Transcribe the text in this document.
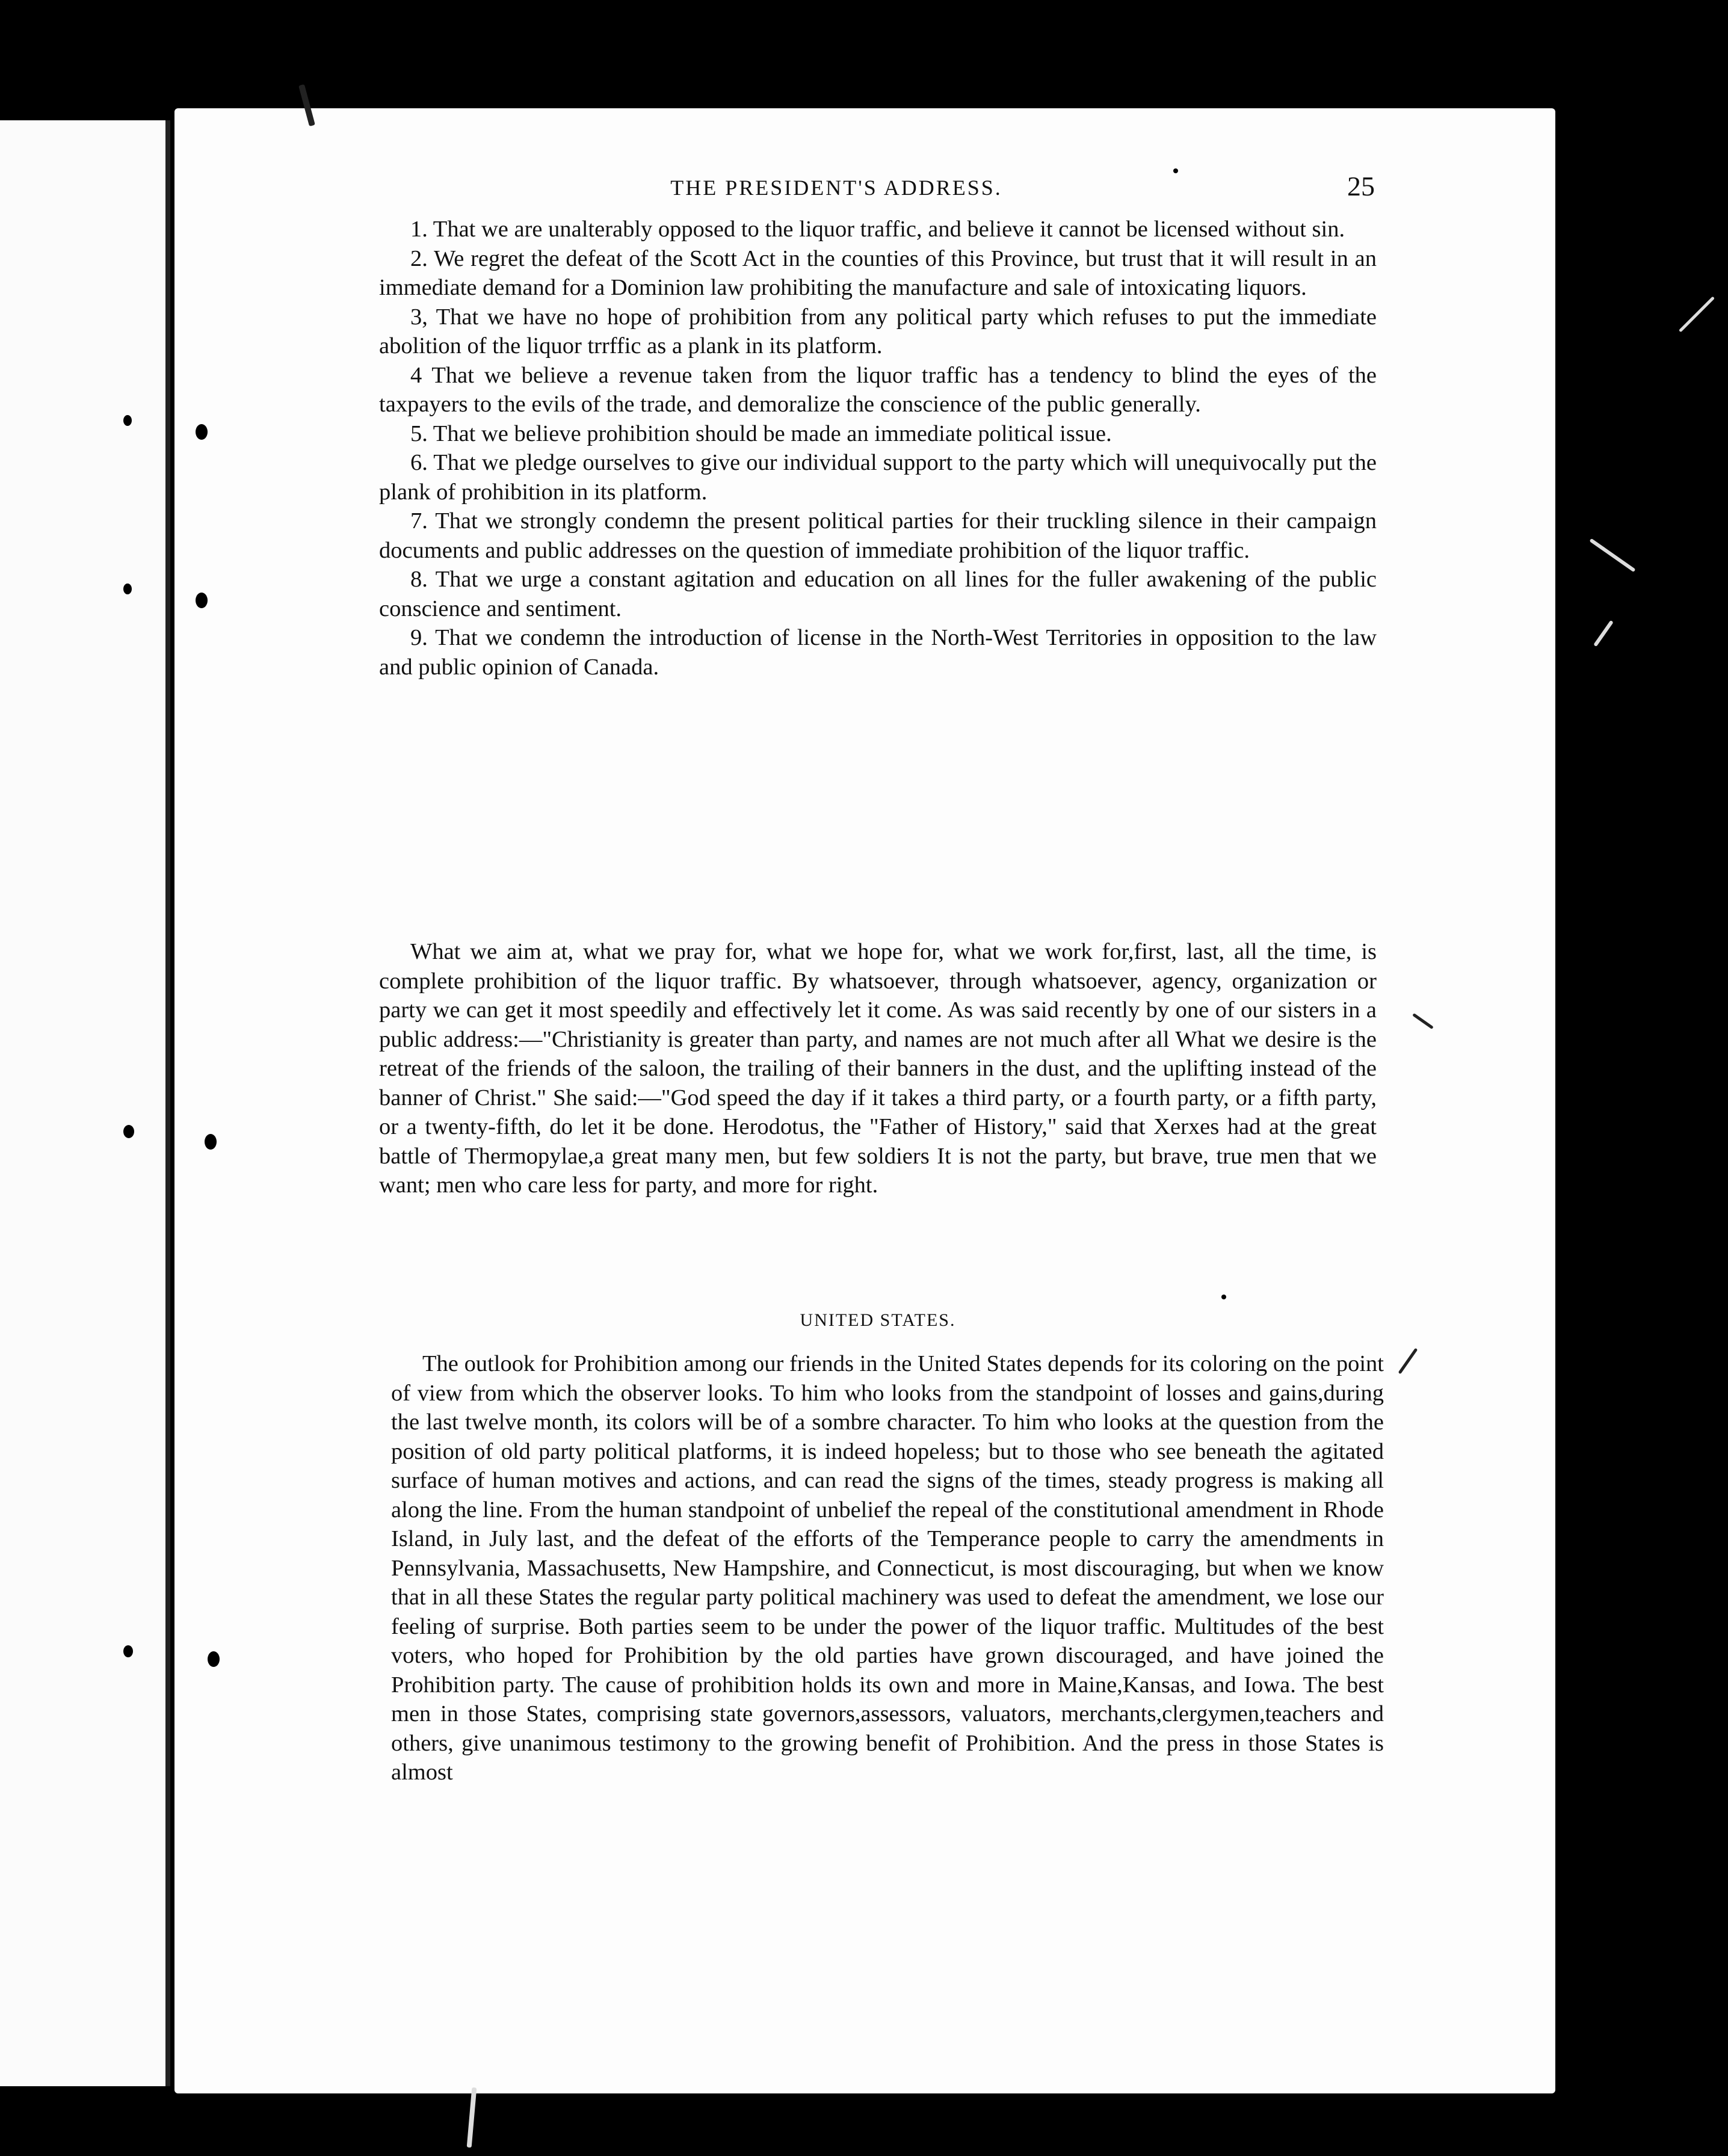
THE PRESIDENT'S ADDRESS.	25

1. That we are unalterably opposed to the liquor traffic, and believe it cannot be licensed without sin.

2. We regret the defeat of the Scott Act in the counties of this Province, but trust that it will result in an immediate demand for a Dominion law prohibiting the manufacture and sale of intoxicating liquors.

3, That we have no hope of prohibition from any political party which refuses to put the immediate abolition of the liquor trrffic as a plank in its platform.

4 That we believe a revenue taken from the liquor traffic has a tendency to blind the eyes of the taxpayers to the evils of the trade, and demoralize the conscience of the public generally.

5. That we believe prohibition should be made an immediate political issue.

6. That we pledge ourselves to give our individual support to the party which will unequivocally put the plank of prohibition in its platform.

7. That we strongly condemn the present political parties for their truckling silence in their campaign documents and public addresses on the question of immediate prohibition of the liquor traffic.

8. That we urge a constant agitation and education on all lines for the fuller awakening of the public conscience and sentiment.

9. That we condemn the introduction of license in the North-West Territories in opposition to the law and public opinion of Canada.

What we aim at, what we pray for, what we hope for, what we work for,first, last, all the time, is complete prohibition of the liquor traffic. By whatsoever, through whatsoever, agency, organization or party we can get it most speedily and effectively let it come. As was said recently by one of our sisters in a public address:—"Christianity is greater than party, and names are not much after all What we desire is the retreat of the friends of the saloon, the trailing of their banners in the dust, and the uplifting instead of the banner of Christ." She said:—"God speed the day if it takes a third party, or a fourth party, or a fifth party, or a twenty-fifth, do let it be done. Herodotus, the "Father of History," said that Xerxes had at the great battle of Thermopylae,a great many men, but few soldiers It is not the party, but brave, true men that we want; men who care less for party, and more for right.

UNITED STATES.

The outlook for Prohibition among our friends in the United States depends for its coloring on the point of view from which the observer looks. To him who looks from the standpoint of losses and gains,during the last twelve month, its colors will be of a sombre character. To him who looks at the question from the position of old party political platforms, it is indeed hopeless; but to those who see beneath the agitated surface of human motives and actions, and can read the signs of the times, steady progress is making all along the line. From the human standpoint of unbelief the repeal of the constitutional amendment in Rhode Island, in July last, and the defeat of the efforts of the Temperance people to carry the amendments in Pennsylvania, Massachusetts, New Hampshire, and Connecticut, is most discouraging, but when we know that in all these States the regular party political machinery was used to defeat the amendment, we lose our feeling of surprise. Both parties seem to be under the power of the liquor traffic. Multitudes of the best voters, who hoped for Prohibition by the old parties have grown discouraged, and have joined the Prohibition party. The cause of prohibition holds its own and more in Maine,Kansas, and Iowa. The best men in those States, comprising state governors,assessors, valuators, merchants,clergymen,teachers and others, give unanimous testimony to the growing benefit of Prohibition. And the press in those States is almost
